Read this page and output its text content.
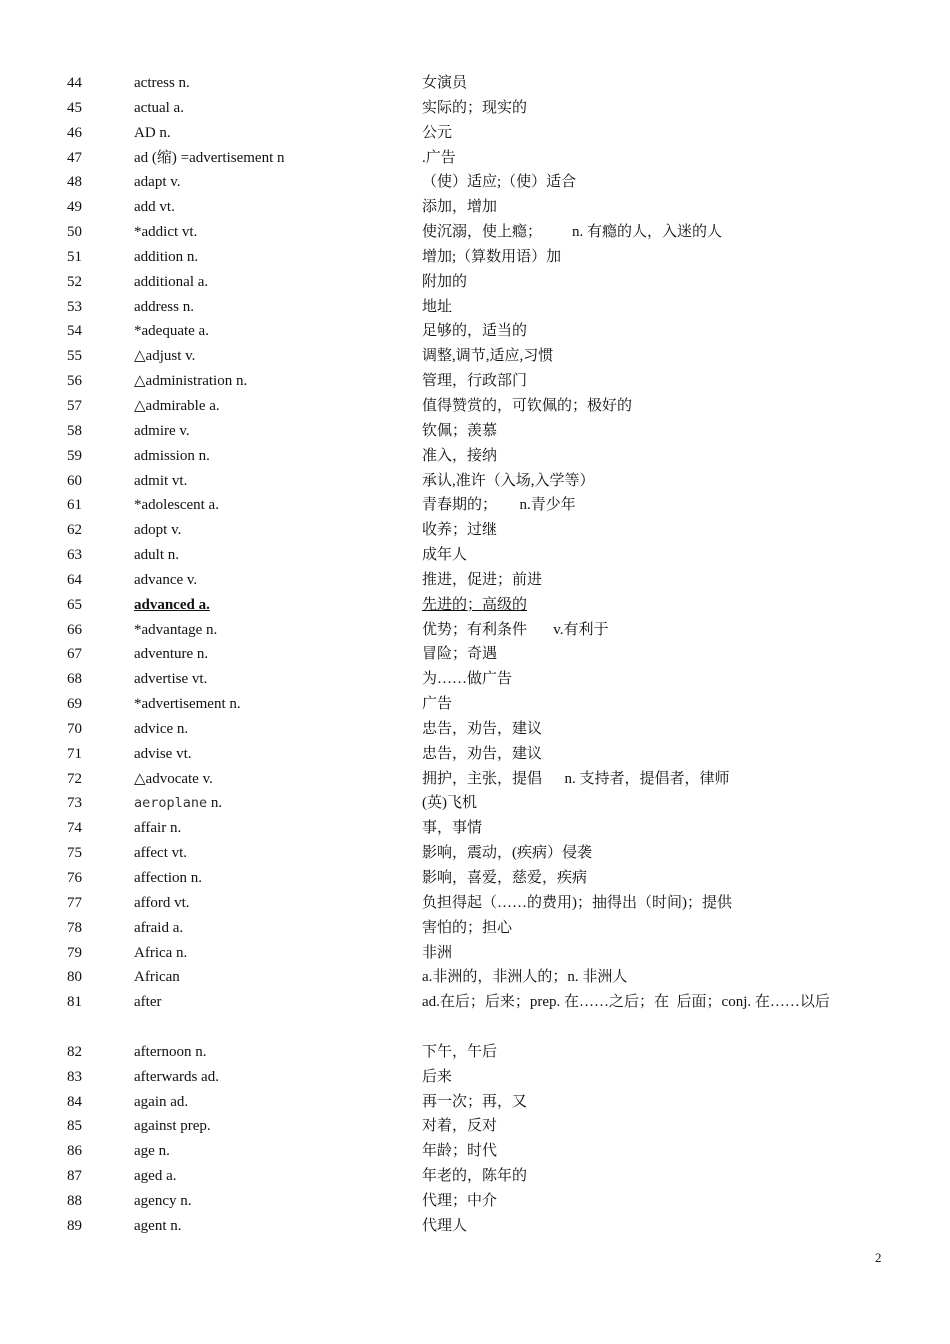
44	actress n.	女演员
45	actual a.	实际的；现实的
46	AD n.	公元
47	ad (缩) =advertisement n	.广告
48	adapt v.	（使）适应;（使）适合
49	add vt.	添加，增加
50	*addict vt.	使沉溺，使上瘾；        n. 有瘾的人，入迷的人
51	addition n.	增加;（算数用语）加
52	additional a.	附加的
53	address n.	地址
54	*adequate a.	足够的，适当的
55	△adjust v.	调整,调节,适应,习惯
56	△administration n.	管理，行政部门
57	△admirable a.	值得赞赏的，可钦佩的；极好的
58	admire v.	钦佩；羡慕
59	admission n.	准入，接纳
60	admit vt.	承认,准许（入场,入学等）
61	*adolescent a.	青春期的；      n.青少年
62	adopt v.	收养；过继
63	adult n.	成年人
64	advance v.	推进，促进；前进
65	advanced a.	先进的；高级的
66	*advantage n.	优势；有利条件       v.有利于
67	adventure n.	冒险；奇遇
68	advertise vt.	为……做广告
69	*advertisement n.	广告
70	advice n.	忠告，劝告，建议
71	advise vt.	忠告，劝告，建议
72	△advocate v.	拥护，主张，提倡      n. 支持者，提倡者，律师
73	aeroplane n.	(英)飞机
74	affair n.	事，事情
75	affect vt.	影响，震动，(疾病）侵袭
76	affection n.	影响，喜爱，慈爱，疾病
77	afford vt.	负担得起（……的费用)；抽得出（时间)；提供
78	afraid a.	害怕的；担心
79	Africa n.	非洲
80	African	a.非洲的，非洲人的；n. 非洲人
81	after	ad.在后；后来；prep. 在……之后；在  后面；conj. 在……以后
82	afternoon n.	下午，午后
83	afterwards ad.	后来
84	again ad.	再一次；再，又
85	against prep.	对着，反对
86	age n.	年龄；时代
87	aged a.	年老的，陈年的
88	agency n.	代理；中介
89	agent n.	代理人
2
